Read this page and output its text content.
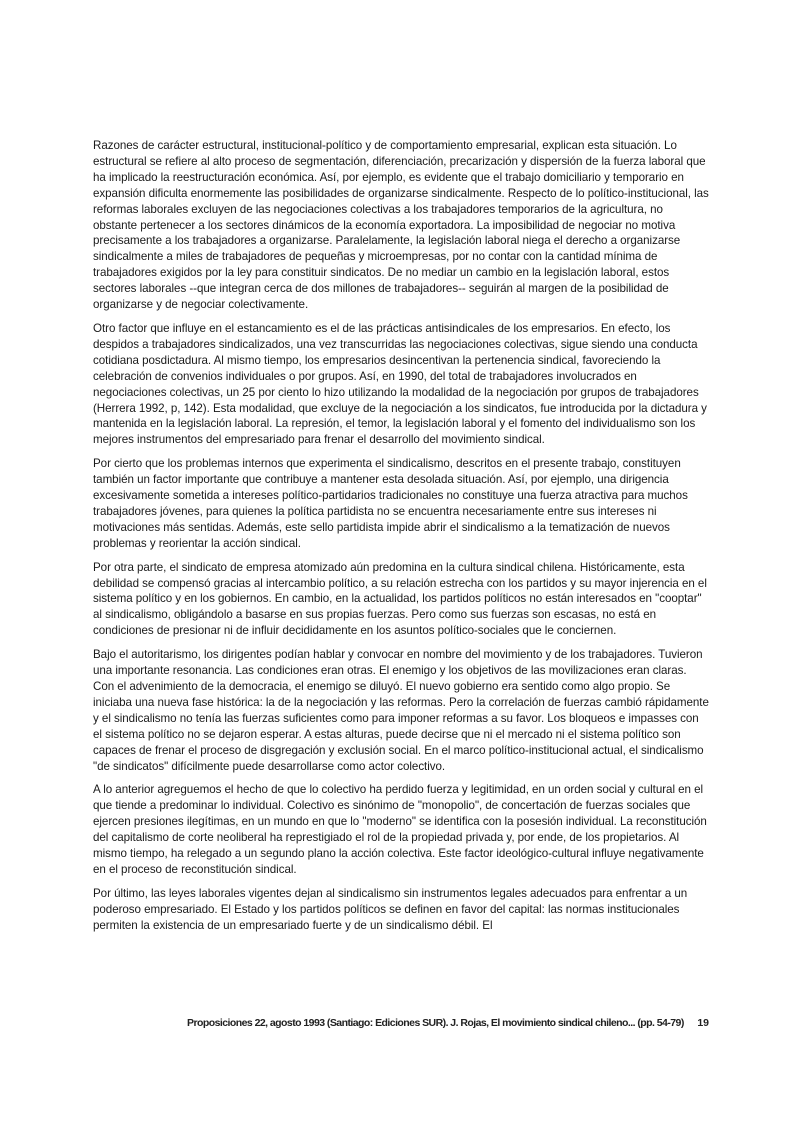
Razones de carácter estructural, institucional-político y de comportamiento empresarial, explican esta situación. Lo estructural se refiere al alto proceso de segmentación, diferenciación, precarización y dispersión de la fuerza laboral que ha implicado la reestructuración económica. Así, por ejemplo, es evidente que el trabajo domiciliario y temporario en expansión dificulta enormemente las posibilidades de organizarse sindicalmente. Respecto de lo político-institucional, las reformas laborales excluyen de las negociaciones colectivas a los trabajadores temporarios de la agricultura, no obstante pertenecer a los sectores dinámicos de la economía exportadora. La imposibilidad de negociar no motiva precisamente a los trabajadores a organizarse. Paralelamente, la legislación laboral niega el derecho a organizarse sindicalmente a miles de trabajadores de pequeñas y microempresas, por no contar con la cantidad mínima de trabajadores exigidos por la ley para constituir sindicatos. De no mediar un cambio en la legislación laboral, estos sectores laborales --que integran cerca de dos millones de trabajadores-- seguirán al margen de la posibilidad de organizarse y de negociar colectivamente.

Otro factor que influye en el estancamiento es el de las prácticas antisindicales de los empresarios. En efecto, los despidos a trabajadores sindicalizados, una vez transcurridas las negociaciones colectivas, sigue siendo una conducta cotidiana posdictadura. Al mismo tiempo, los empresarios desincentivan la pertenencia sindical, favoreciendo la celebración de convenios individuales o por grupos. Así, en 1990, del total de trabajadores involucrados en negociaciones colectivas, un 25 por ciento lo hizo utilizando la modalidad de la negociación por grupos de trabajadores (Herrera 1992, p, 142). Esta modalidad, que excluye de la negociación a los sindicatos, fue introducida por la dictadura y mantenida en la legislación laboral. La represión, el temor, la legislación laboral y el fomento del individualismo son los mejores instrumentos del empresariado para frenar el desarrollo del movimiento sindical.

Por cierto que los problemas internos que experimenta el sindicalismo, descritos en el presente trabajo, constituyen también un factor importante que contribuye a mantener esta desolada situación. Así, por ejemplo, una dirigencia excesivamente sometida a intereses político-partidarios tradicionales no constituye una fuerza atractiva para muchos trabajadores jóvenes, para quienes la política partidista no se encuentra necesariamente entre sus intereses ni motivaciones más sentidas. Además, este sello partidista impide abrir el sindicalismo a la tematización de nuevos problemas y reorientar la acción sindical.

Por otra parte, el sindicato de empresa atomizado aún predomina en la cultura sindical chilena. Históricamente, esta debilidad se compensó gracias al intercambio político, a su relación estrecha con los partidos y su mayor injerencia en el sistema político y en los gobiernos. En cambio, en la actualidad, los partidos políticos no están interesados en "cooptar" al sindicalismo, obligándolo a basarse en sus propias fuerzas. Pero como sus fuerzas son escasas, no está en condiciones de presionar ni de influir decididamente en los asuntos político-sociales que le conciernen.

Bajo el autoritarismo, los dirigentes podían hablar y convocar en nombre del movimiento y de los trabajadores. Tuvieron una importante resonancia. Las condiciones eran otras. El enemigo y los objetivos de las movilizaciones eran claras. Con el advenimiento de la democracia, el enemigo se diluyó. El nuevo gobierno era sentido como algo propio. Se iniciaba una nueva fase histórica: la de la negociación y las reformas. Pero la correlación de fuerzas cambió rápidamente y el sindicalismo no tenía las fuerzas suficientes como para imponer reformas a su favor. Los bloqueos e impasses con el sistema político no se dejaron esperar. A estas alturas, puede decirse que ni el mercado ni el sistema político son capaces de frenar el proceso de disgregación y exclusión social. En el marco político-institucional actual, el sindicalismo "de sindicatos" difícilmente puede desarrollarse como actor colectivo.

A lo anterior agreguemos el hecho de que lo colectivo ha perdido fuerza y legitimidad, en un orden social y cultural en el que tiende a predominar lo individual. Colectivo es sinónimo de "monopolio", de concertación de fuerzas sociales que ejercen presiones ilegítimas, en un mundo en que lo "moderno" se identifica con la posesión individual. La reconstitución del capitalismo de corte neoliberal ha represtigiado el rol de la propiedad privada y, por ende, de los propietarios. Al mismo tiempo, ha relegado a un segundo plano la acción colectiva. Este factor ideológico-cultural influye negativamente en el proceso de reconstitución sindical.

Por último, las leyes laborales vigentes dejan al sindicalismo sin instrumentos legales adecuados para enfrentar a un poderoso empresariado. El Estado y los partidos políticos se definen en favor del capital: las normas institucionales permiten la existencia de un empresariado fuerte y de un sindicalismo débil. El

Proposiciones 22, agosto 1993 (Santiago: Ediciones SUR). J. Rojas, El movimiento sindical chileno... (pp. 54-79) 19
